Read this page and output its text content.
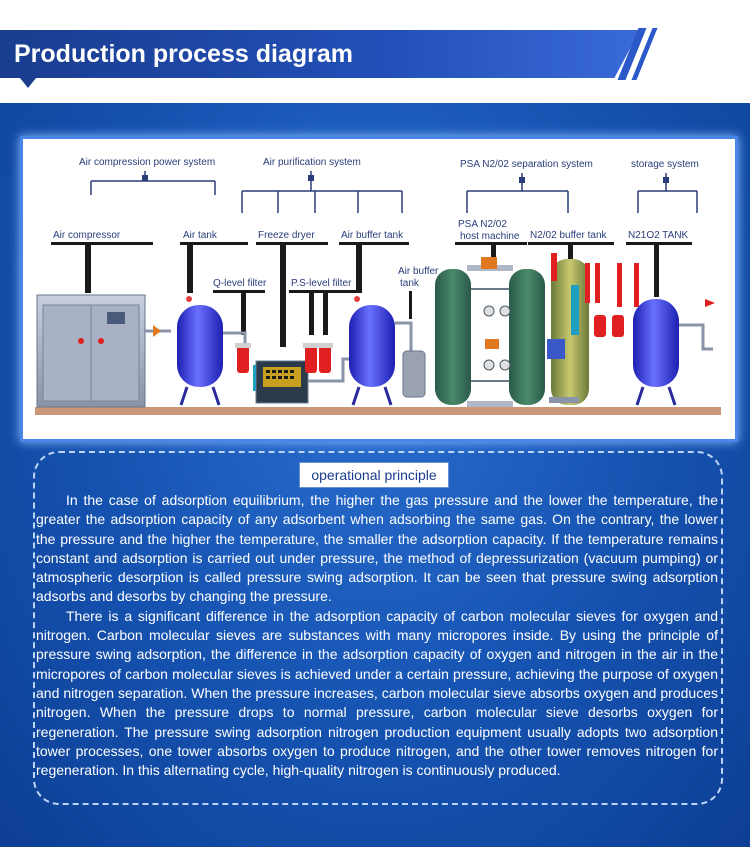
Production process diagram
Air compression power system	Air purification system	PSA N2/02 separation system	storage system
Air compressor	Air tank	Freeze dryer	Air buffer tank
PSA N2/02
host machine N2/02 buffer tank N21O2 TANK
Q-level filter P.S-level filter
Air buffer
tank
operational principle

In the case of adsorption equilibrium, the higher the gas pressure and the lower the temperature, the greater the adsorption capacity of any adsorbent when adsorbing the same gas. On the contrary, the lower the pressure and the higher the temperature, the smaller the adsorption capacity. If the temperature remains constant and adsorption is carried out under pressure, the method of depressurization (vacuum pumping) or atmospheric desorption is called pressure swing adsorption. It can be seen that pressure swing adsorption adsorbs and desorbs by changing the pressure.

There is a significant difference in the adsorption capacity of carbon molecular sieves for oxygen and nitrogen. Carbon molecular sieves are substances with many micropores inside. By using the principle of pressure swing adsorption, the difference in the adsorption capacity of oxygen and nitrogen in the air in the micropores of carbon molecular sieves is achieved under a certain pressure, achieving the purpose of oxygen and nitrogen separation. When the pressure increases, carbon molecular sieve absorbs oxygen and produces nitrogen. When the pressure drops to normal pressure, carbon molecular sieve desorbs oxygen for regeneration. The pressure swing adsorption nitrogen production equipment usually adopts two adsorption tower processes, one tower absorbs oxygen to produce nitrogen, and the other tower removes nitrogen for regeneration. In this alternating cycle, high-quality nitrogen is continuously produced.
